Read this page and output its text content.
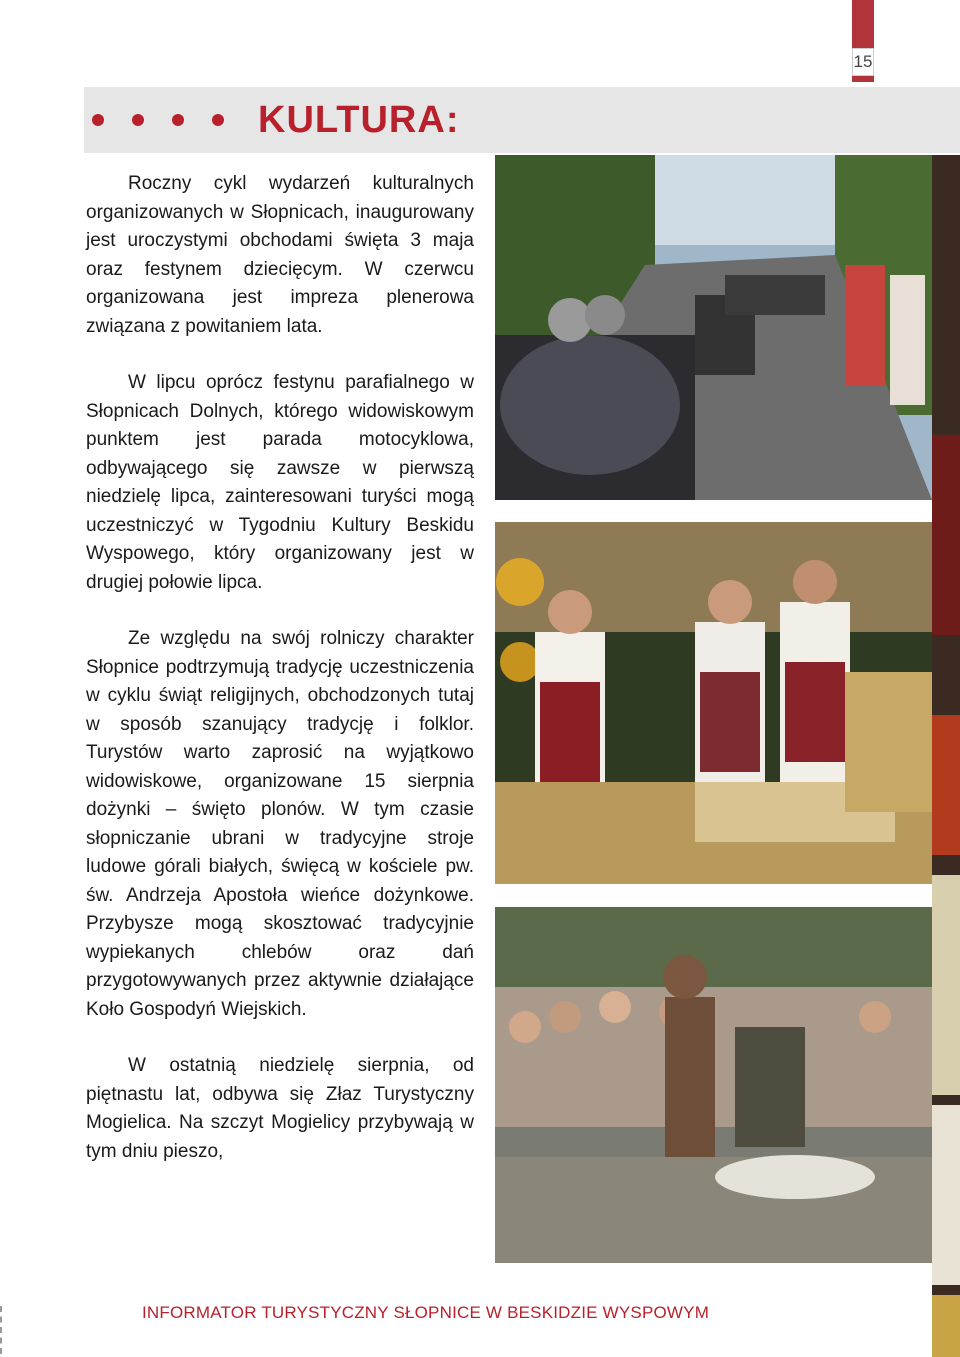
15
KULTURA:

Roczny cykl wydarzeń kulturalnych organizowanych w Słopnicach, inaugurowany jest uroczystymi obchodami święta 3 maja oraz festynem dziecięcym. W czerwcu organizowana jest impreza plenerowa związana z powitaniem lata.

W lipcu oprócz festynu parafialnego w Słopnicach Dolnych, którego widowiskowym punktem jest parada motocyklowa, odbywającego się zawsze w pierwszą niedzielę lipca, zainteresowani turyści mogą uczestniczyć w Tygodniu Kultury Beskidu Wyspowego, który organizowany jest w drugiej połowie lipca.

Ze względu na swój rolniczy charakter Słopnice podtrzymują tradycję uczestniczenia w cyklu świąt religijnych, obchodzonych tutaj w sposób szanujący tradycję i folklor. Turystów warto zaprosić na wyjątkowo widowiskowe, organizowane 15 sierpnia dożynki – święto plonów. W tym czasie słopniczanie ubrani w tradycyjne stroje ludowe górali białych, święcą w kościele pw. św. Andrzeja Apostoła wieńce dożynkowe. Przybysze mogą skosztować tradycyjnie wypiekanych chlebów oraz dań przygotowywanych przez aktywnie działające Koło Gospodyń Wiejskich.

W ostatnią niedzielę sierpnia, od piętnastu lat, odbywa się Złaz Turystyczny Mogielica. Na szczyt Mogielicy przybywają w tym dniu pieszo,

INFORMATOR TURYSTYCZNY SŁOPNICE W BESKIDZIE WYSPOWYM
